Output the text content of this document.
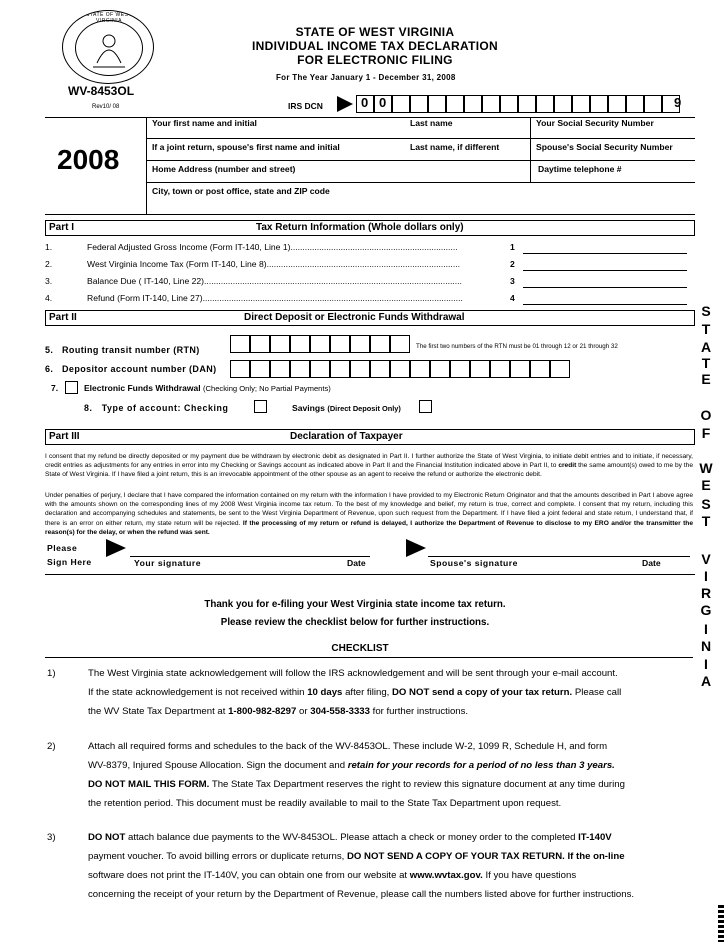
STATE OF WEST VIRGINIA
WV-8453OL
Rev10/ 08
2008
STATE OF WEST VIRGINIA
INDIVIDUAL INCOME TAX DECLARATION
FOR ELECTRONIC FILING
For The Year January 1 - December 31, 2008
IRS DCN	0 0	9
Your first name and initial	Last name	Your Social Security Number
If a joint return, spouse's first name and initial	Last name, if different	Spouse's Social Security Number
Home Address (number and street)	Daytime telephone #
City, town or post office, state and ZIP code
Part I	Tax Return Information (Whole dollars only)
1.	Federal Adjusted Gross Income (Form IT-140, Line 1)......................................................................	1
2.	West Virginia Income Tax (Form IT-140, Line 8).................................................................................	2
3.	Balance Due ( IT-140, Line 22)............................................................................................................	3
4.	Refund (Form IT-140, Line 27).............................................................................................................	4
Part II	Direct Deposit or Electronic Funds Withdrawal
5. Routing transit number (RTN)	The first two numbers of the RTN must be 01 through 12 or 21 through 32
6. Depositor account number (DAN)
7.	Electronic Funds Withdrawal (Checking Only; No Partial Payments)
8. Type of account: Checking	Savings (Direct Deposit Only)
Part III	Declaration of Taxpayer
I consent that my refund be directly deposited or my payment due be withdrawn by electronic debit as designated in Part II. I further authorize the State of West Virginia, to initiate debit entries and to initiate, if necessary, credit entries as adjustments for any entries in error into my Checking or Savings account as indicated above in Part II and the Financial Institution indicated above in Part II, to credit the same amount(s) owed to me by the State of West Virginia. If I have filed a joint return, this is an irrevocable appointment of the other spouse as an agent to receive the refund or authorize the electronic debit.
Under penalties of perjury, I declare that I have compared the information contained on my return with the information I have provided to my Electronic Return Originator and that the amounts described in Part I above agree with the amounts shown on the corresponding lines of my 2008 West Virginia income tax return. To the best of my knowledge and belief, my return is true, correct and complete. I consent that my return, including this declaration and accompanying schedules and statements, be sent to the West Virginia Department of Revenue, upon such request from the Department. If I have filed a joint federal and state return, I understand that, if there is an error on either return, my state return will be rejected. If the processing of my return or refund is delayed, I authorize the Department of Revenue to disclose to my ERO and/or the transmitter the reason(s) for the delay, or when the refund was sent.
Please
Sign Here	Your signature	Date	Spouse's signature	Date
Thank you for e-filing your West Virginia state income tax return.
Please review the checklist below for further instructions.
CHECKLIST
1)	The West Virginia state acknowledgement will follow the IRS acknowledgement and will be sent through your e-mail account.
If the state acknowledgement is not received within 10 days after filing, DO NOT send a copy of your tax return. Please call
the WV State Tax Department at 1-800-982-8297 or 304-558-3333 for further instructions.
2)	Attach all required forms and schedules to the back of the WV-8453OL. These include W-2, 1099 R, Schedule H, and form
WV-8379, Injured Spouse Allocation. Sign the document and retain for your records for a period of no less than 3 years.
DO NOT MAIL THIS FORM. The State Tax Department reserves the right to review this signature document at any time during
the retention period. This document must be readily available to mail to the State Tax Department upon request.
3)	DO NOT attach balance due payments to the WV-8453OL. Please attach a check or money order to the completed IT-140V
payment voucher. To avoid billing errors or duplicate returns, DO NOT SEND A COPY OF YOUR TAX RETURN. If the on-line
software does not print the IT-140V, you can obtain one from our website at www.wvtax.gov. If you have questions
concerning the receipt of your return by the Department of Revenue, please call the numbers listed above for further instructions.
S
T
A
T
E
O
F
W
E
S
T
V
I
R
G
I
N
I
A
